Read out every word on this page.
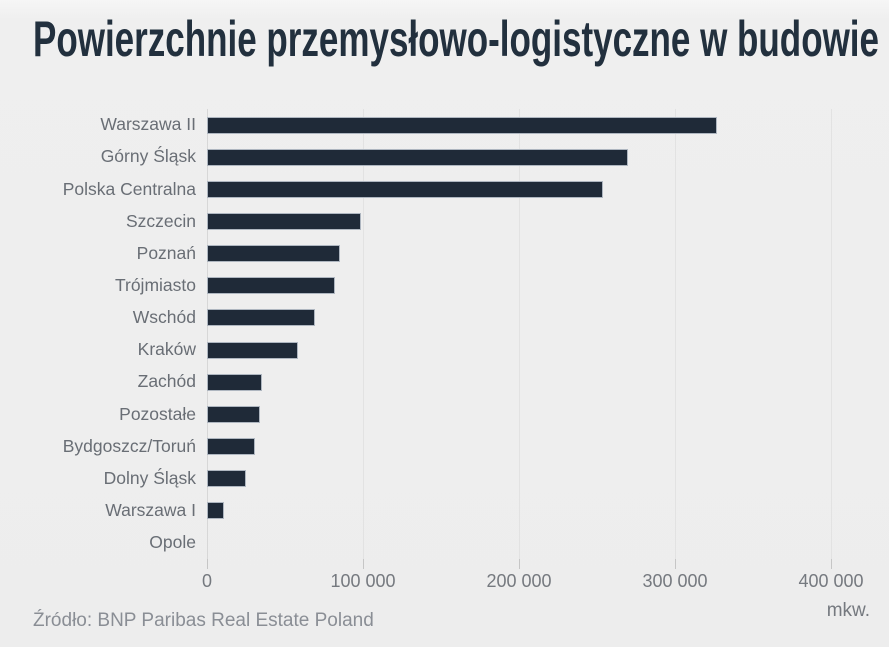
Powierzchnie przemysłowo-logistyczne w budowie
Warszawa II
Górny Śląsk
Polska Centralna
Szczecin
Poznań
Trójmiasto
Wschód
Kraków
Zachód
Pozostałe
Bydgoszcz/Toruń
Dolny Śląsk
Warszawa I
Opole
0	100 000	200 000	300 000	400 000
mkw.
Źródło: BNP Paribas Real Estate Poland
